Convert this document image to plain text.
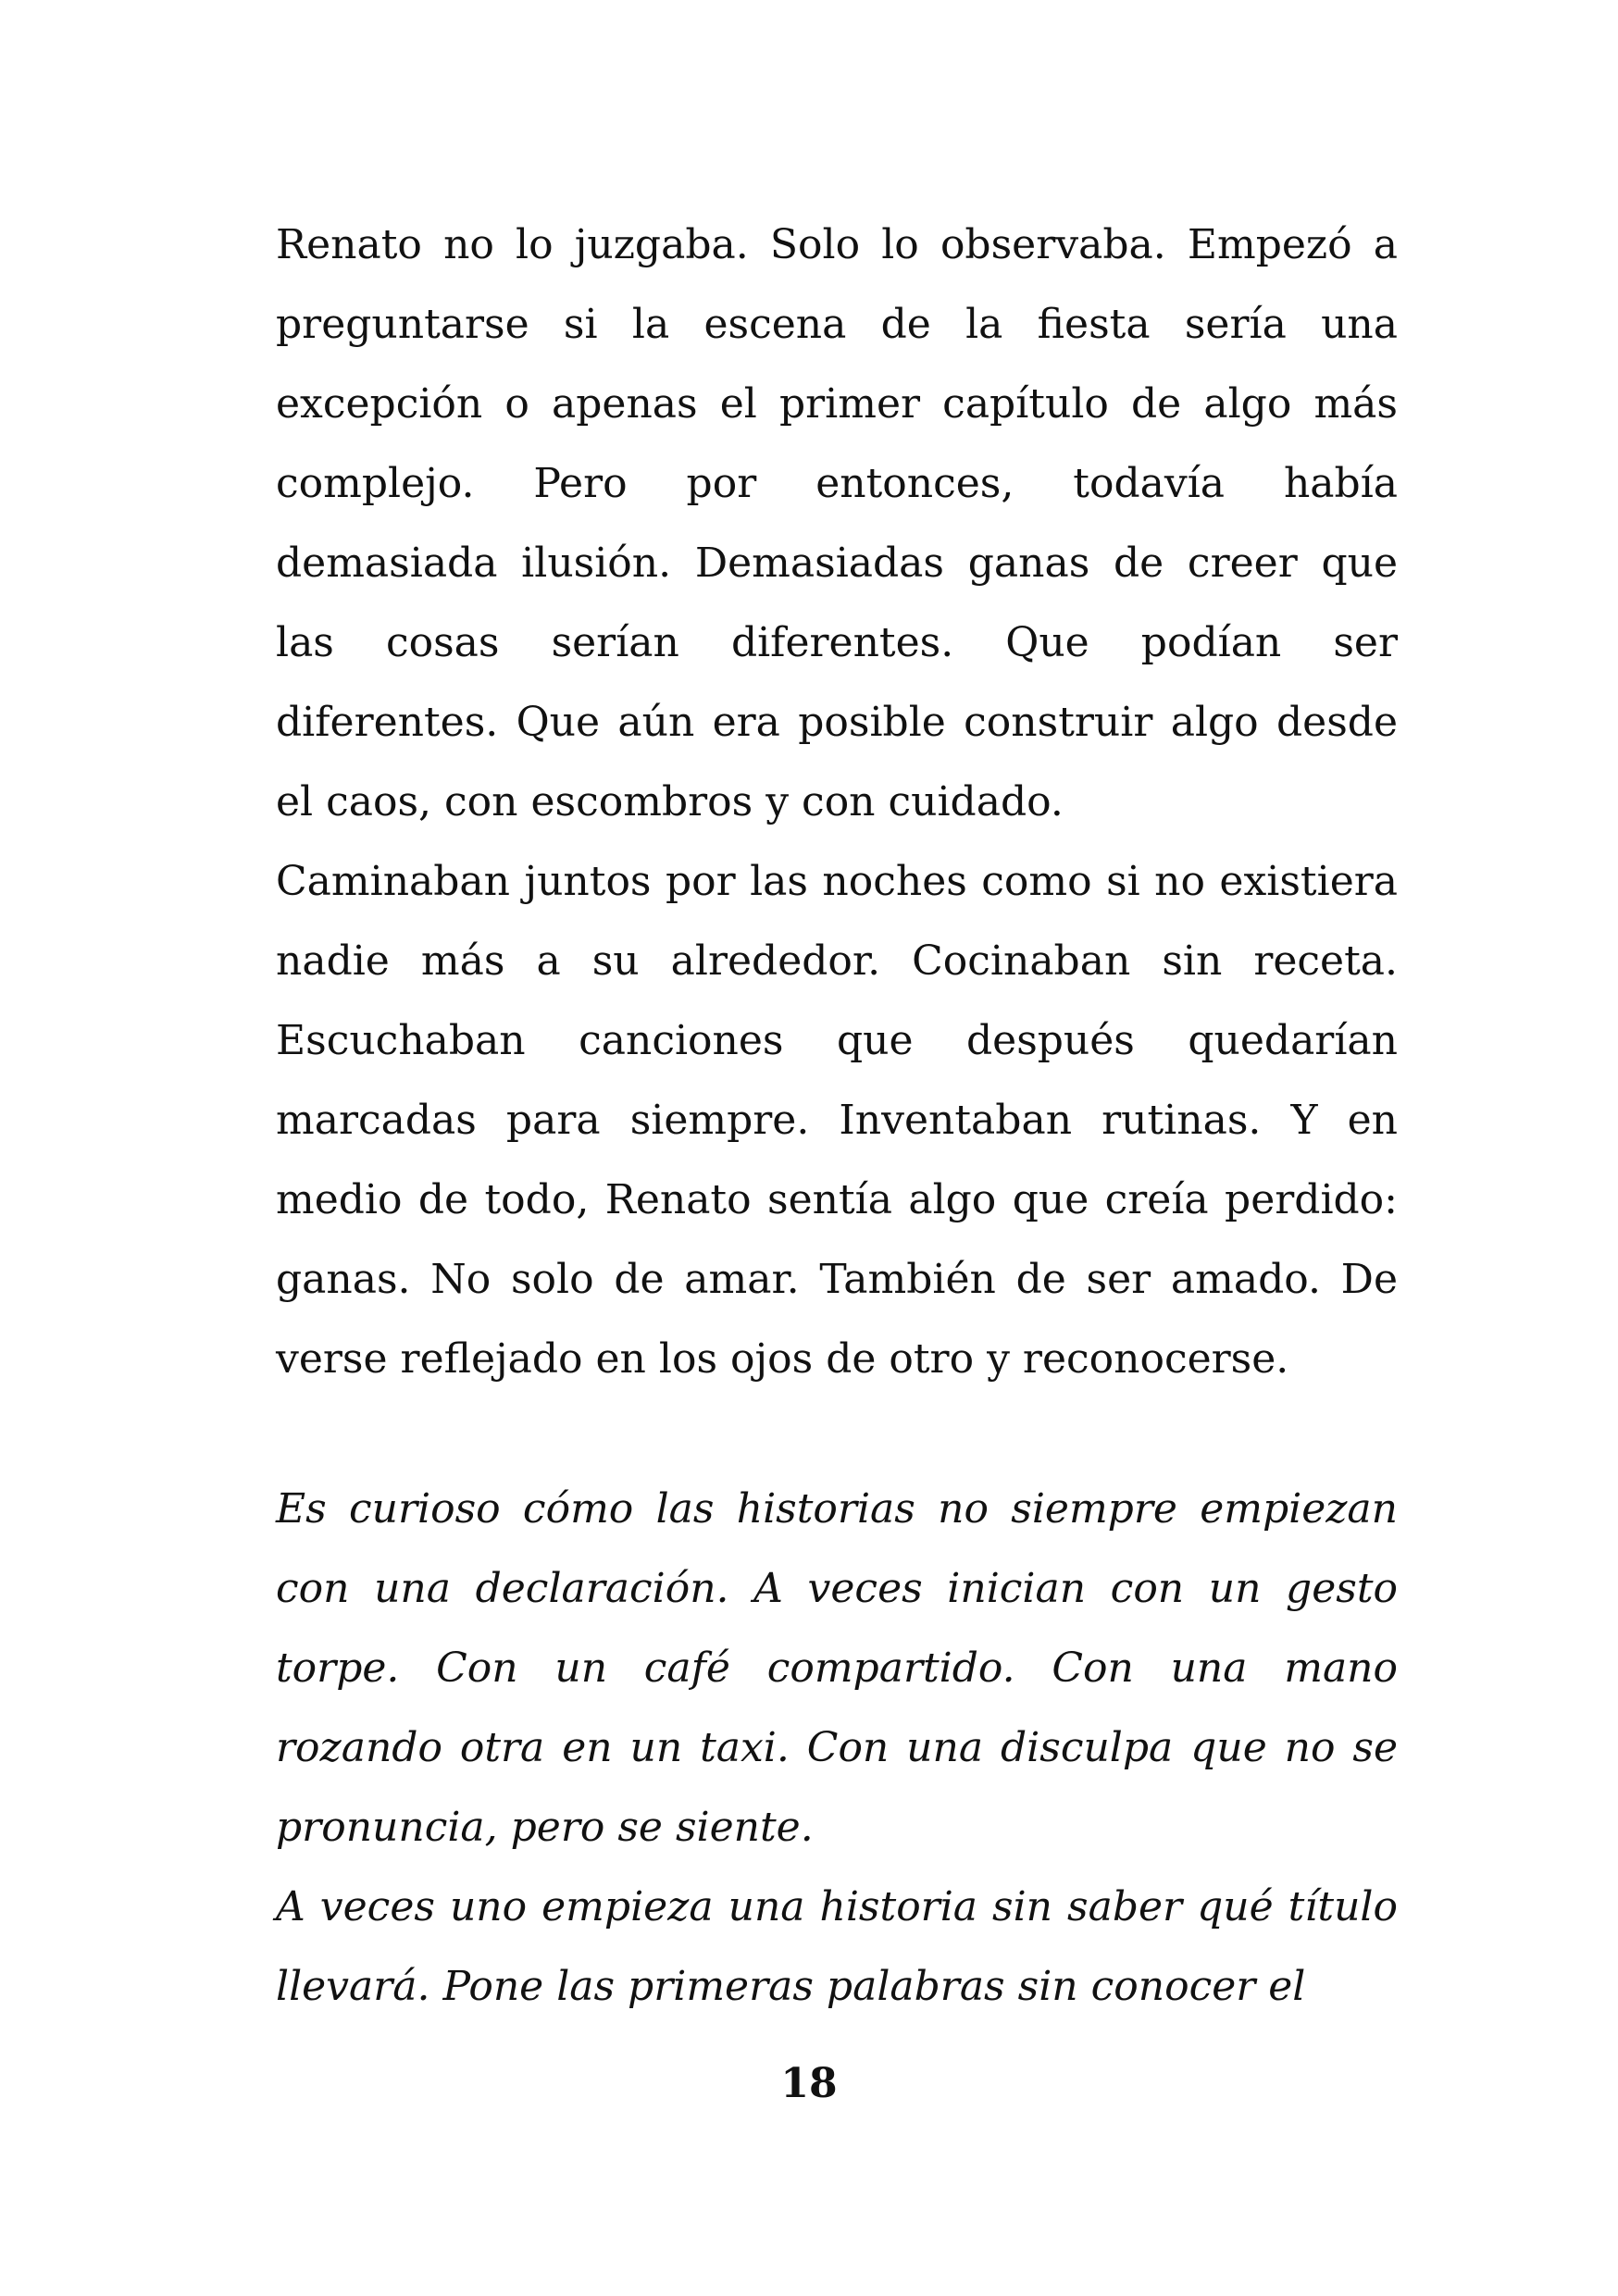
Renato no lo juzgaba. Solo lo observaba. Empezó a preguntarse si la escena de la fiesta sería una excepción o apenas el primer capítulo de algo más complejo. Pero por entonces, todavía había demasiada ilusión. Demasiadas ganas de creer que las cosas serían diferentes. Que podían ser diferentes. Que aún era posible construir algo desde el caos, con escombros y con cuidado.

Caminaban juntos por las noches como si no existiera nadie más a su alrededor. Cocinaban sin receta. Escuchaban canciones que después quedarían marcadas para siempre. Inventaban rutinas. Y en medio de todo, Renato sentía algo que creía perdido: ganas. No solo de amar. También de ser amado. De verse reflejado en los ojos de otro y reconocerse.

Es curioso cómo las historias no siempre empiezan con una declaración. A veces inician con un gesto torpe. Con un café compartido. Con una mano rozando otra en un taxi. Con una disculpa que no se pronuncia, pero se siente.

A veces uno empieza una historia sin saber qué título llevará. Pone las primeras palabras sin conocer el

18
